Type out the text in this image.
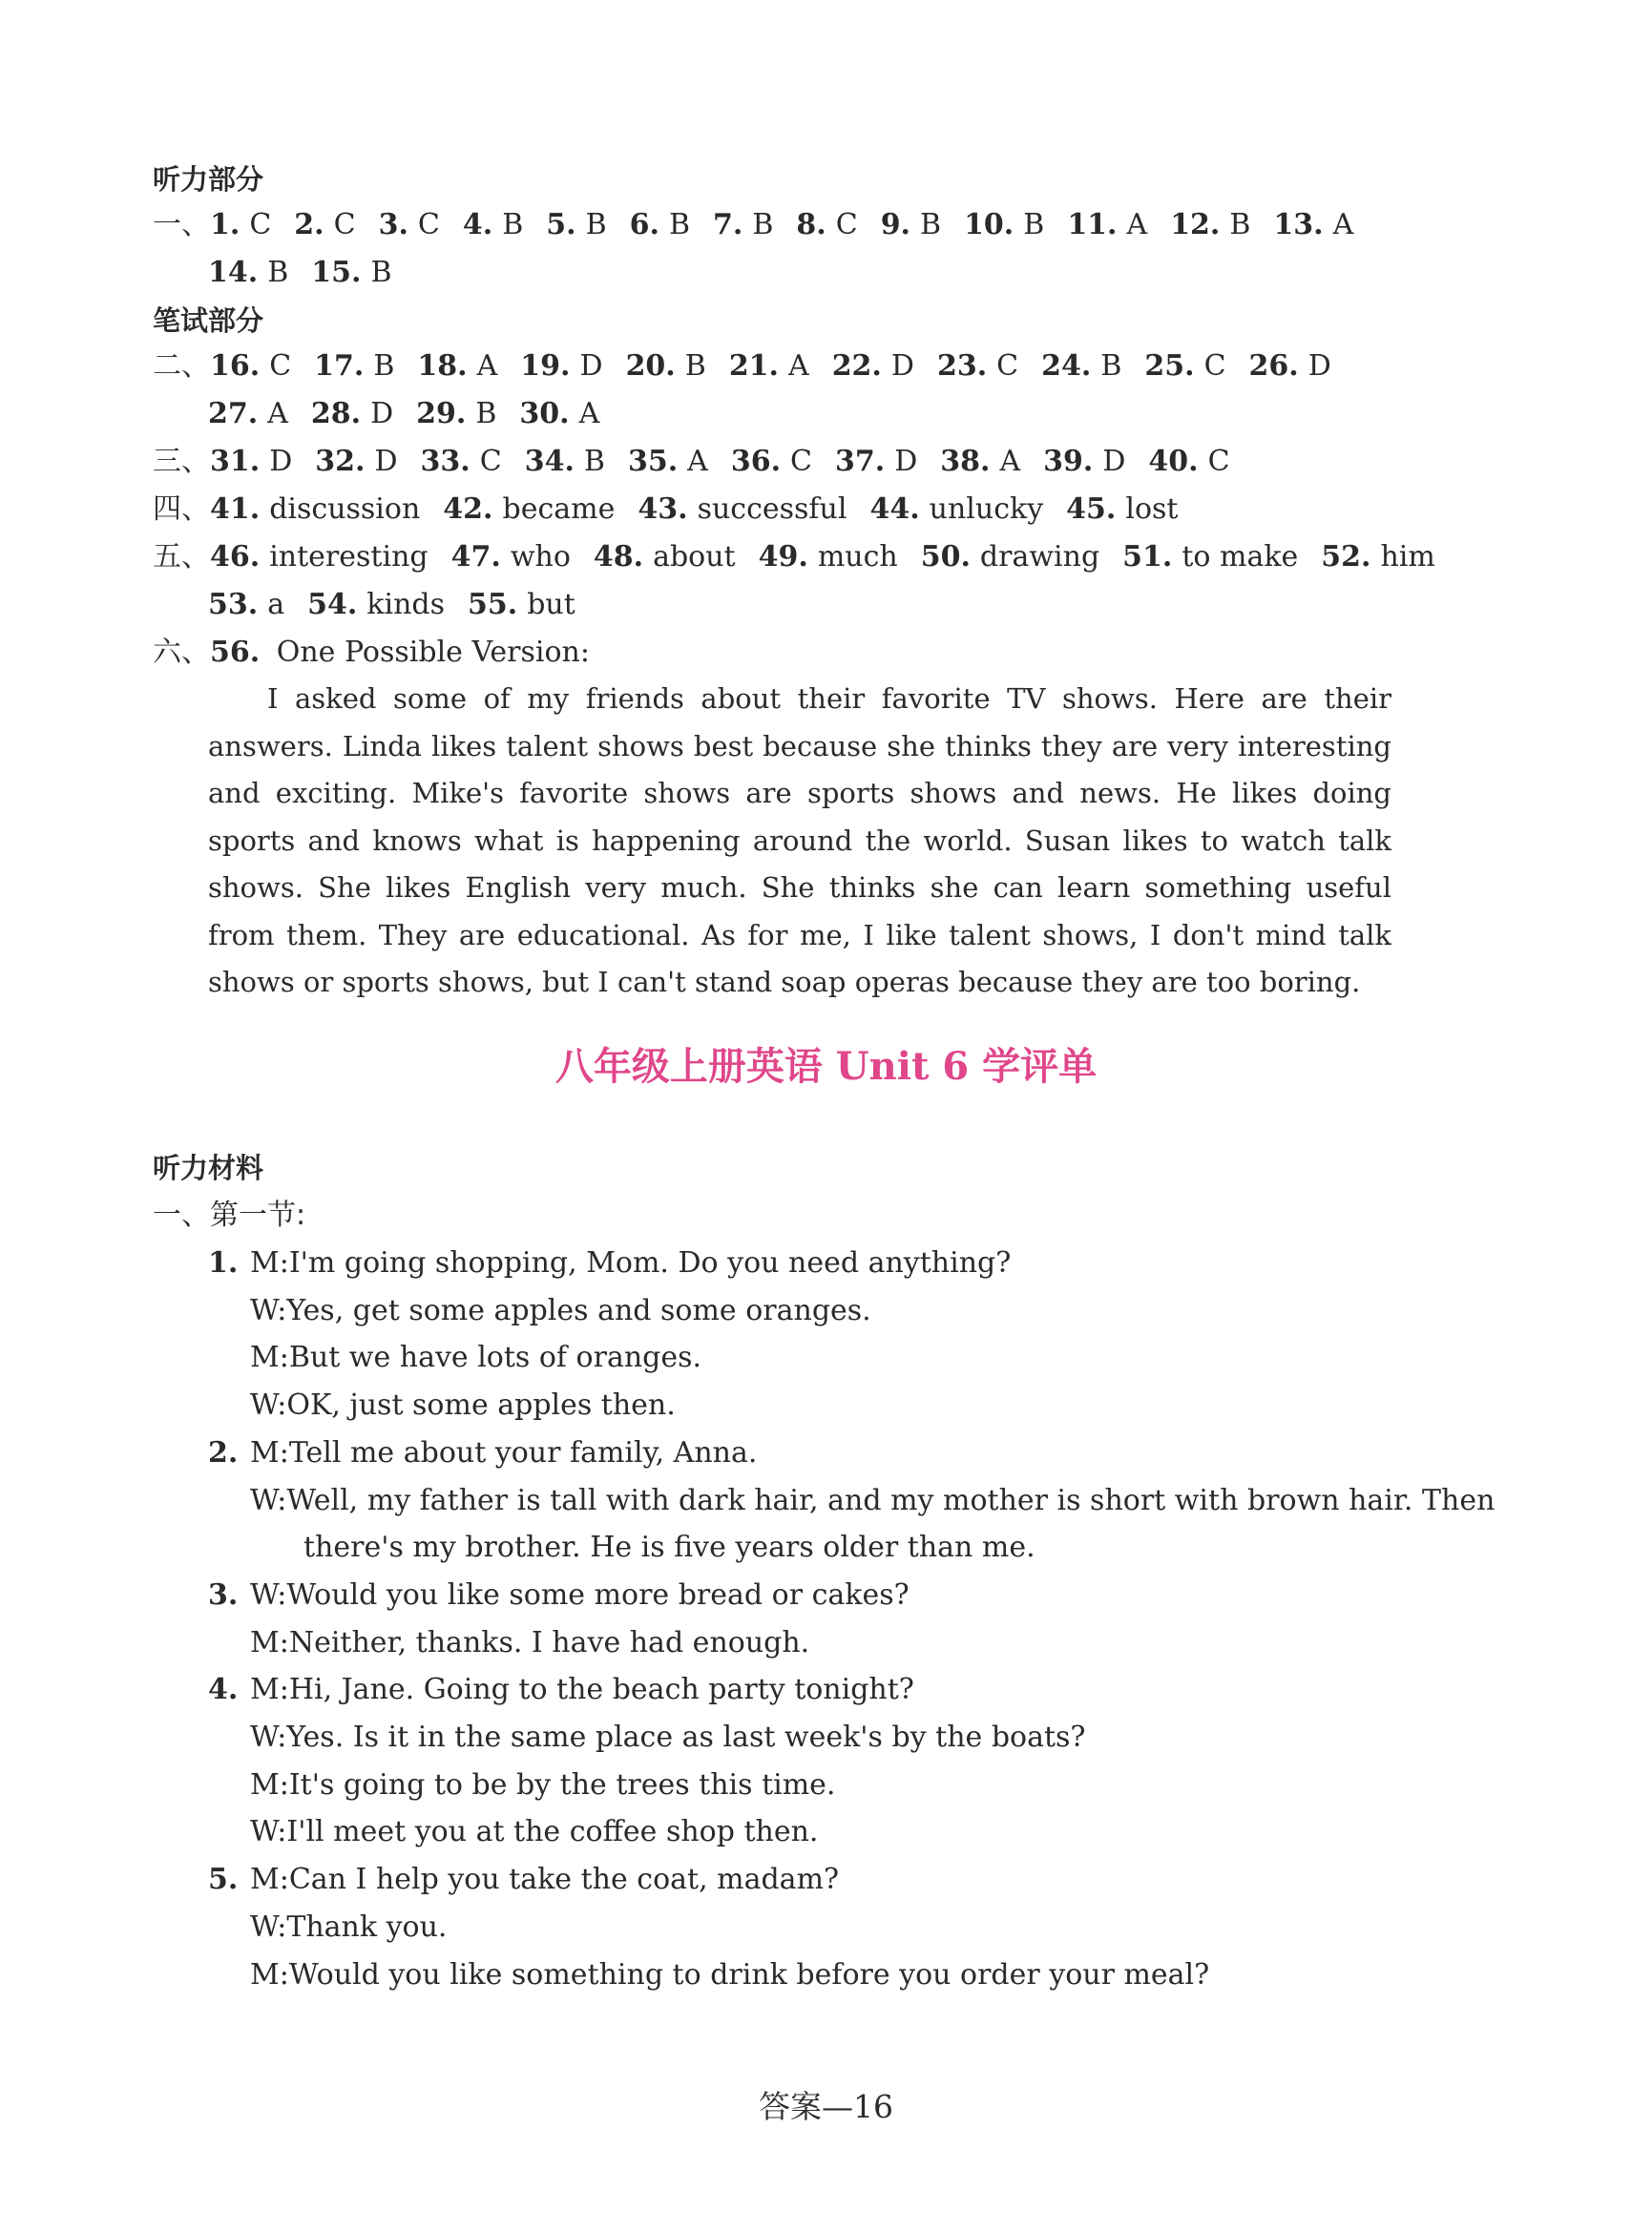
听力部分
一、1. C 2. C 3. C 4. B 5. B 6. B 7. B 8. C 9. B 10. B 11. A 12. B 13. A
14. B 15. B
笔试部分
二、16. C 17. B 18. A 19. D 20. B 21. A 22. D 23. C 24. B 25. C 26. D
27. A 28. D 29. B 30. A
三、31. D 32. D 33. C 34. B 35. A 36. C 37. D 38. A 39. D 40. C
四、41. discussion 42. became 43. successful 44. unlucky 45. lost
五、46. interesting 47. who 48. about 49. much 50. drawing 51. to make 52. him
53. a 54. kinds 55. but
六、56. One Possible Version:
I asked some of my friends about their favorite TV shows. Here are their answers. Linda likes talent shows best because she thinks they are very interesting and exciting. Mike's favorite shows are sports shows and news. He likes doing sports and knows what is happening around the world. Susan likes to watch talk shows. She likes English very much. She thinks she can learn something useful from them. They are educational. As for me, I like talent shows, I don't mind talk shows or sports shows, but I can't stand soap operas because they are too boring.
八年级上册英语 Unit 6 学评单
听力材料
一、第一节:
1. M:I'm going shopping, Mom. Do you need anything?
W:Yes, get some apples and some oranges.
M:But we have lots of oranges.
W:OK, just some apples then.
2. M:Tell me about your family, Anna.
W:Well, my father is tall with dark hair, and my mother is short with brown hair. Then
there's my brother. He is five years older than me.
3. W:Would you like some more bread or cakes?
M:Neither, thanks. I have had enough.
4. M:Hi, Jane. Going to the beach party tonight?
W:Yes. Is it in the same place as last week's by the boats?
M:It's going to be by the trees this time.
W:I'll meet you at the coffee shop then.
5. M:Can I help you take the coat, madam?
W:Thank you.
M:Would you like something to drink before you order your meal?
答案—16
